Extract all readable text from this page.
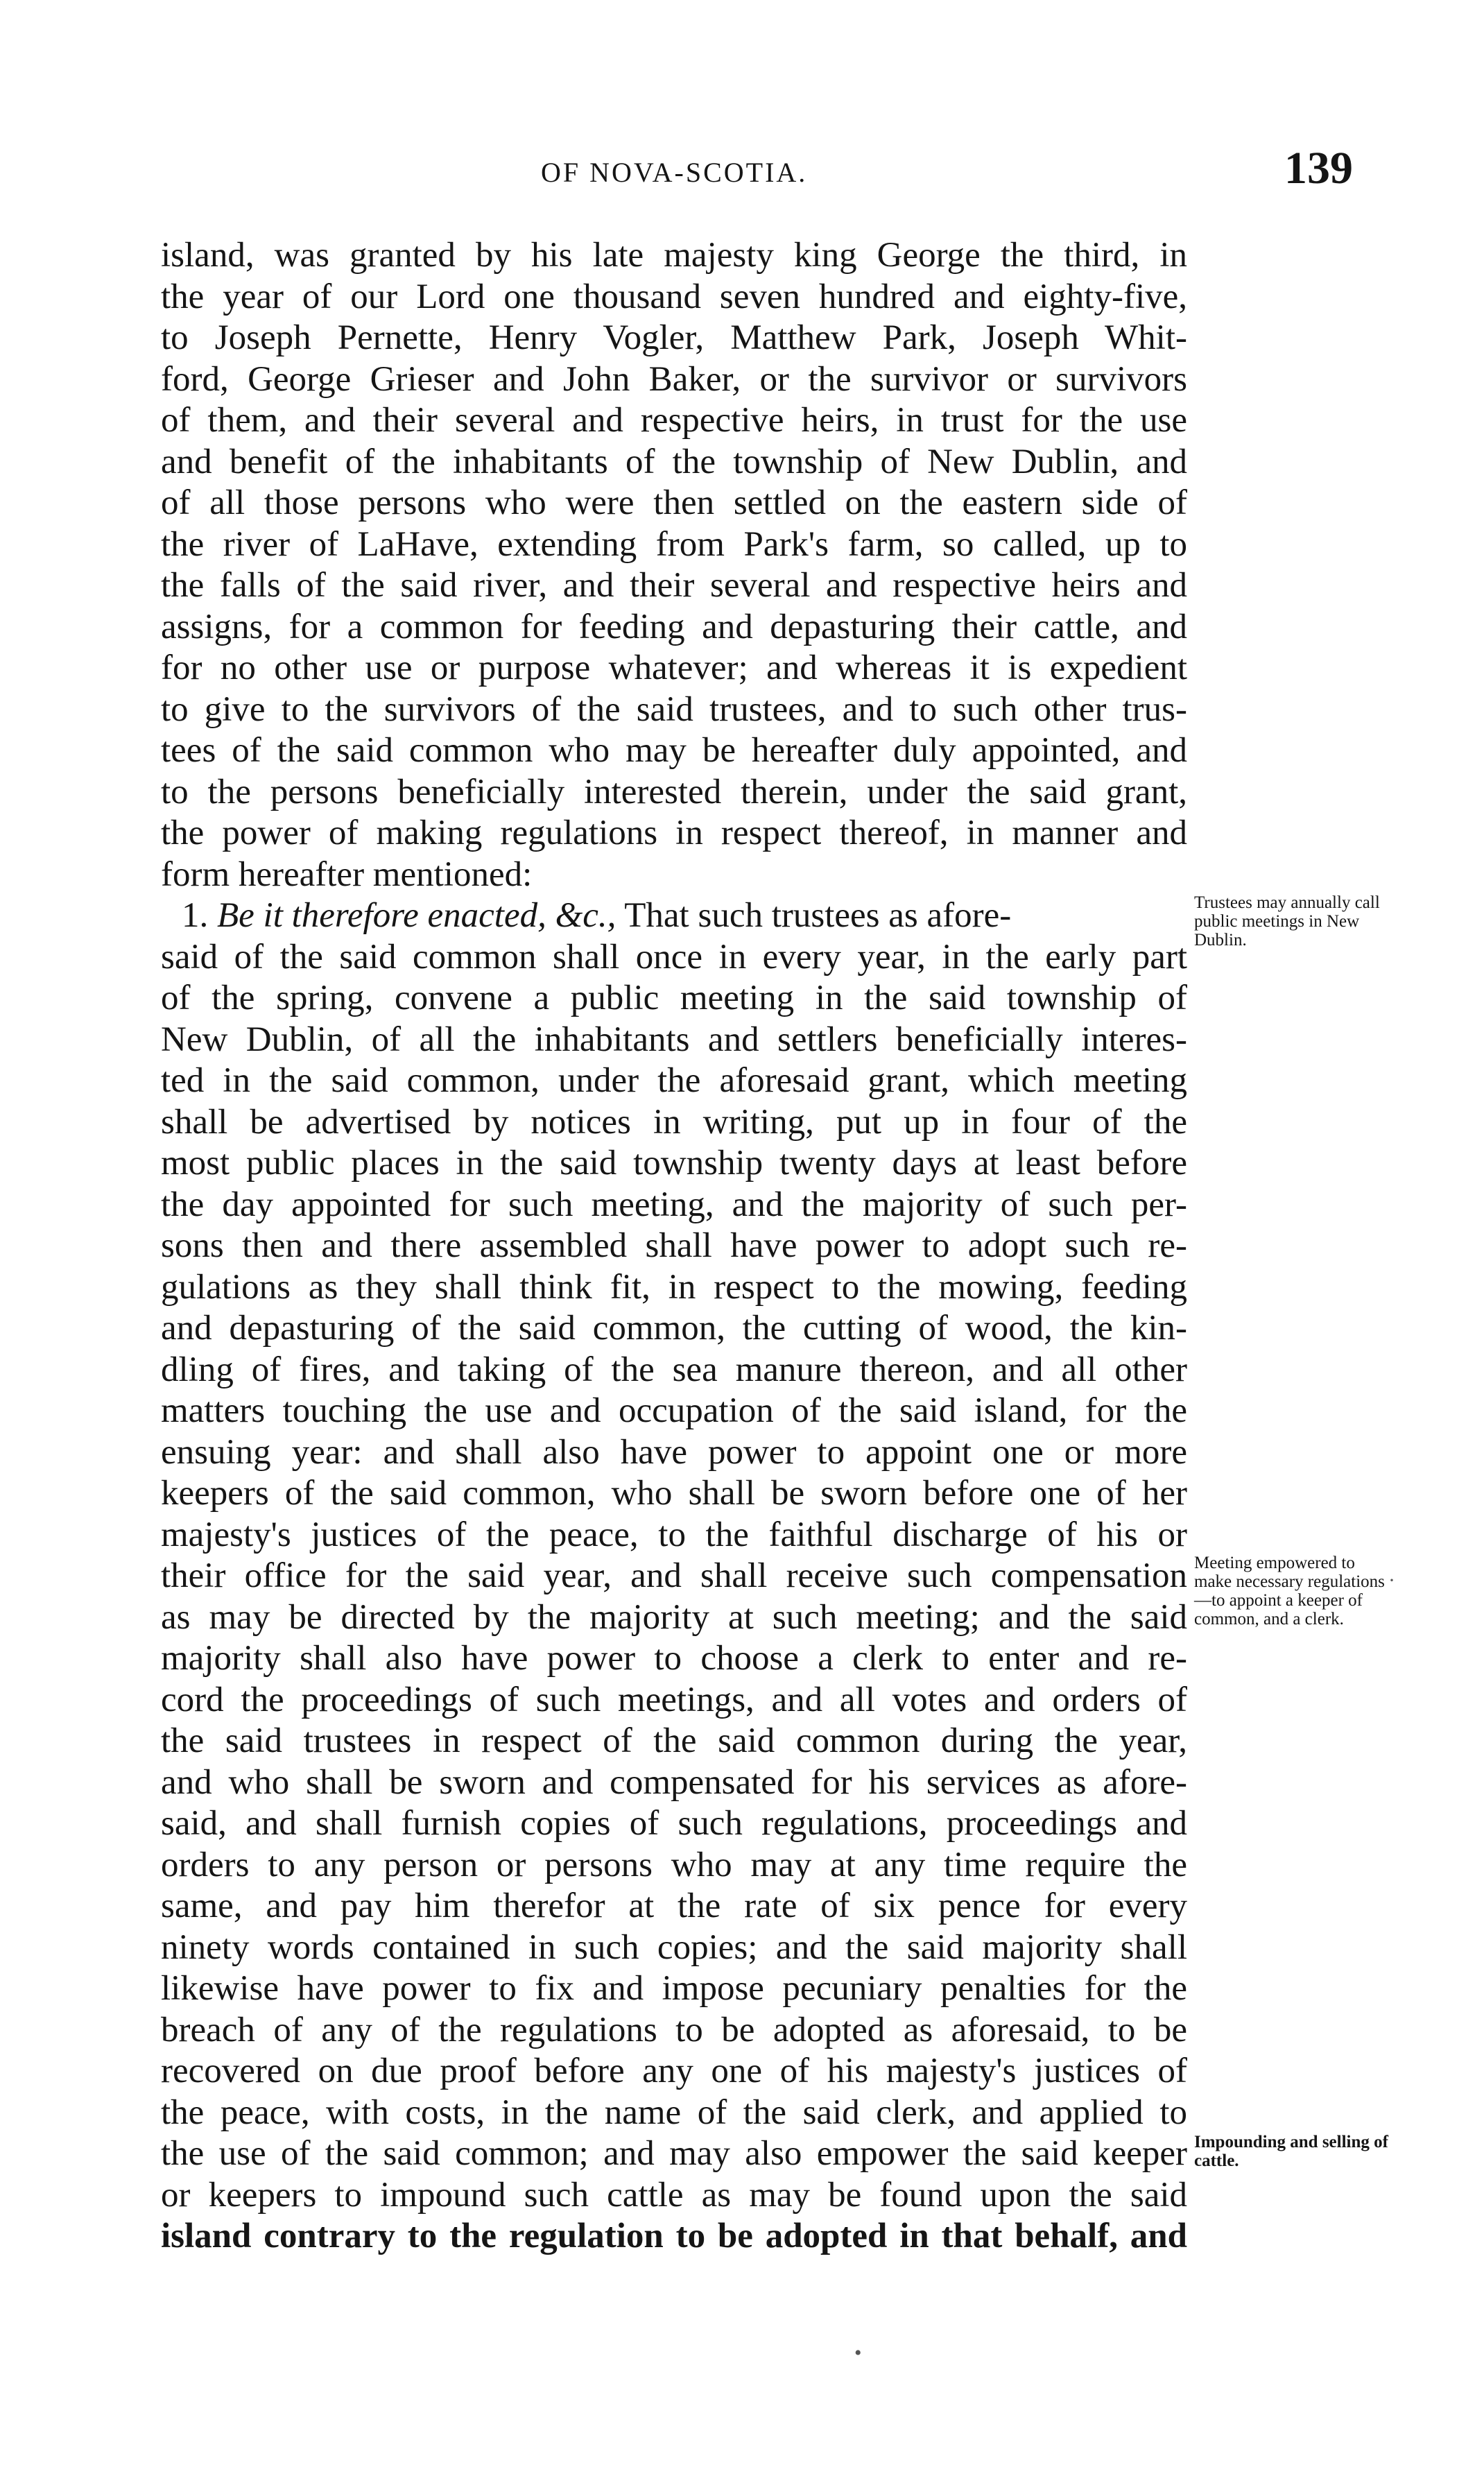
OF NOVA-SCOTIA.	139
island, was granted by his late majesty king George the third, in
the year of our Lord one thousand seven hundred and eighty-five,
to Joseph Pernette, Henry Vogler, Matthew Park, Joseph Whit-
ford, George Grieser and John Baker, or the survivor or survivors
of them, and their several and respective heirs, in trust for the use
and benefit of the inhabitants of the township of New Dublin, and
of all those persons who were then settled on the eastern side of
the river of LaHave, extending from Park's farm, so called, up to
the falls of the said river, and their several and respective heirs and
assigns, for a common for feeding and depasturing their cattle, and
for no other use or purpose whatever; and whereas it is expedient
to give to the survivors of the said trustees, and to such other trus-
tees of the said common who may be hereafter duly appointed, and
to the persons beneficially interested therein, under the said grant,
the power of making regulations in respect thereof, in manner and
form hereafter mentioned:
1. Be it therefore enacted, &c., That such trustees as afore-
said of the said common shall once in every year, in the early part
of the spring, convene a public meeting in the said township of
New Dublin, of all the inhabitants and settlers beneficially interes-
ted in the said common, under the aforesaid grant, which meeting
shall be advertised by notices in writing, put up in four of the
most public places in the said township twenty days at least before
the day appointed for such meeting, and the majority of such per-
sons then and there assembled shall have power to adopt such re-
gulations as they shall think fit, in respect to the mowing, feeding
and depasturing of the said common, the cutting of wood, the kin-
dling of fires, and taking of the sea manure thereon, and all other
matters touching the use and occupation of the said island, for the
ensuing year: and shall also have power to appoint one or more
keepers of the said common, who shall be sworn before one of her
majesty's justices of the peace, to the faithful discharge of his or
their office for the said year, and shall receive such compensation
as may be directed by the majority at such meeting; and the said
majority shall also have power to choose a clerk to enter and re-
cord the proceedings of such meetings, and all votes and orders of
the said trustees in respect of the said common during the year,
and who shall be sworn and compensated for his services as afore-
said, and shall furnish copies of such regulations, proceedings and
orders to any person or persons who may at any time require the
same, and pay him therefor at the rate of six pence for every
ninety words contained in such copies; and the said majority shall
likewise have power to fix and impose pecuniary penalties for the
breach of any of the regulations to be adopted as aforesaid, to be
recovered on due proof before any one of his majesty's justices of
the peace, with costs, in the name of the said clerk, and applied to
the use of the said common; and may also empower the said keeper
or keepers to impound such cattle as may be found upon the said
island contrary to the regulation to be adopted in that behalf, and
Trustees may annually call public meetings in New Dublin.
Meeting empowered to make necessary regulations—to appoint a keeper of common, and a clerk.
Impounding and selling of cattle.
·
•
